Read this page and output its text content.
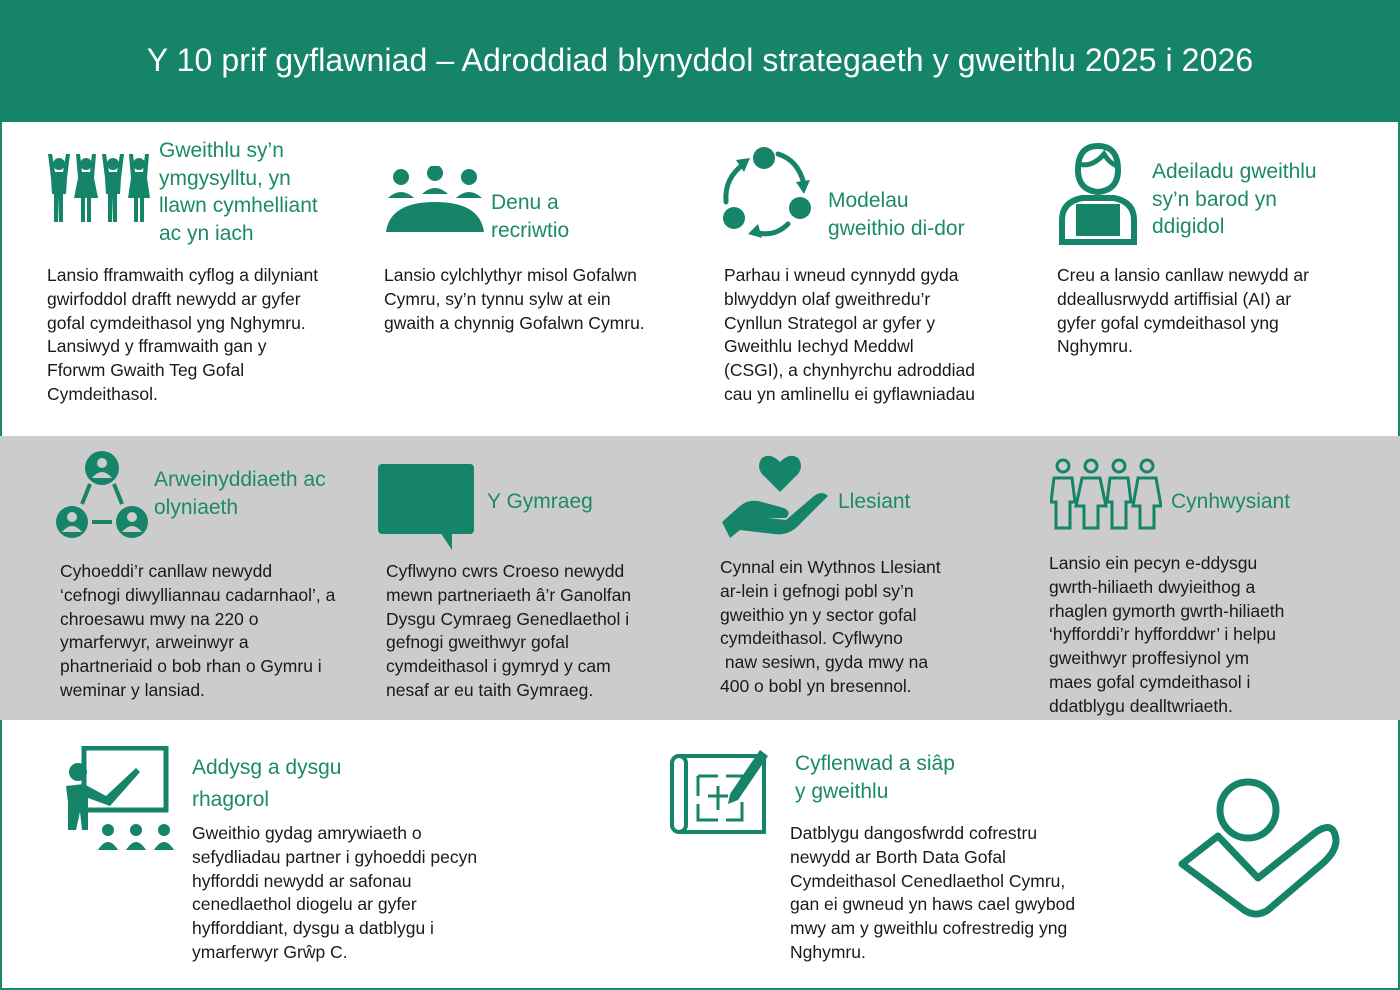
Y 10 prif gyflawniad – Adroddiad blynyddol strategaeth y gweithlu 2025 i 2026
Gweithlu sy’n
ymgysylltu, yn
llawn cymhelliant
ac yn iach
Lansio fframwaith cyflog a dilyniant
gwirfoddol drafft newydd ar gyfer
gofal cymdeithasol yng Nghymru.
Lansiwyd y fframwaith gan y
Fforwm Gwaith Teg Gofal
Cymdeithasol.
Denu a
recriwtio
Lansio cylchlythyr misol Gofalwn
Cymru, sy’n tynnu sylw at ein
gwaith a chynnig Gofalwn Cymru.
Modelau
gweithio di-dor
Parhau i wneud cynnydd gyda
blwyddyn olaf gweithredu’r
Cynllun Strategol ar gyfer y
Gweithlu Iechyd Meddwl
(CSGI), a chynhyrchu adroddiad
cau yn amlinellu ei gyflawniadau
Adeiladu gweithlu
sy’n barod yn
ddigidol
Creu a lansio canllaw newydd ar
ddeallusrwydd artiffisial (AI) ar
gyfer gofal cymdeithasol yng
Nghymru.
Arweinyddiaeth ac
olyniaeth
Cyhoeddi’r canllaw newydd
‘cefnogi diwylliannau cadarnhaol’, a
chroesawu mwy na 220 o
ymarferwyr, arweinwyr a
phartneriaid o bob rhan o Gymru i
weminar y lansiad.
Y Gymraeg
Cyflwyno cwrs Croeso newydd
mewn partneriaeth â’r Ganolfan
Dysgu Cymraeg Genedlaethol i
gefnogi gweithwyr gofal
cymdeithasol i gymryd y cam
nesaf ar eu taith Gymraeg.
Llesiant
Cynnal ein Wythnos Llesiant
ar-lein i gefnogi pobl sy’n
gweithio yn y sector gofal
cymdeithasol. Cyflwyno
naw sesiwn, gyda mwy na
400 o bobl yn bresennol.
Cynhwysiant
Lansio ein pecyn e-ddysgu
gwrth-hiliaeth dwyieithog a
rhaglen gymorth gwrth-hiliaeth
‘hyfforddi’r hyfforddwr’ i helpu
gweithwyr proffesiynol ym
maes gofal cymdeithasol i
ddatblygu dealltwriaeth.
Addysg a dysgu
rhagorol
Gweithio gydag amrywiaeth o
sefydliadau partner i gyhoeddi pecyn
hyfforddi newydd ar safonau
cenedlaethol diogelu ar gyfer
hyfforddiant, dysgu a datblygu i
ymarferwyr Grŵp C.
Cyflenwad a siâp
y gweithlu
Datblygu dangosfwrdd cofrestru
newydd ar Borth Data Gofal
Cymdeithasol Cenedlaethol Cymru,
gan ei gwneud yn haws cael gwybod
mwy am y gweithlu cofrestredig yng
Nghymru.
